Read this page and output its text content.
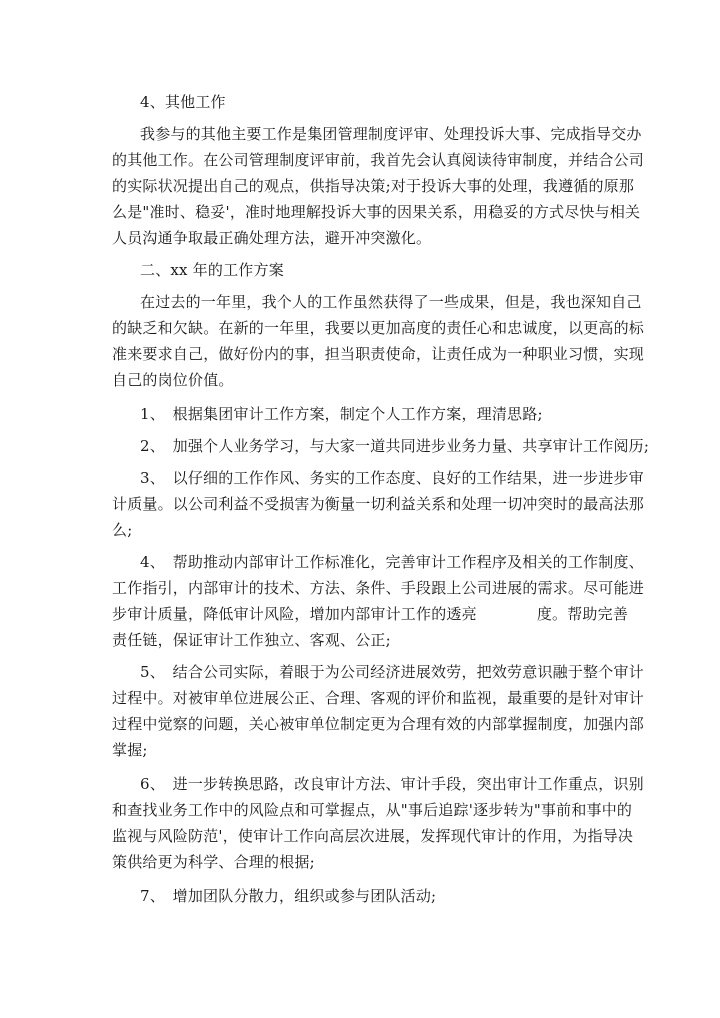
4、其他工作
我参与的其他主要工作是集团管理制度评审、处理投诉大事、完成指导交办
的其他工作。在公司管理制度评审前，我首先会认真阅读待审制度，并结合公司
的实际状况提出自己的观点，供指导决策;对于投诉大事的处理，我遵循的原那
么是"准时、稳妥'，准时地理解投诉大事的因果关系，用稳妥的方式尽快与相关
人员沟通争取最正确处理方法，避开冲突激化。
二、xx 年的工作方案
在过去的一年里，我个人的工作虽然获得了一些成果，但是，我也深知自己
的缺乏和欠缺。在新的一年里，我要以更加高度的责任心和忠诚度，以更高的标
准来要求自己，做好份内的事，担当职责使命，让责任成为一种职业习惯，实现
自己的岗位价值。
1、　根据集团审计工作方案，制定个人工作方案，理清思路;
2、　加强个人业务学习，与大家一道共同进步业务力量、共享审计工作阅历;
3、　以仔细的工作作风、务实的工作态度、良好的工作结果，进一步进步审
计质量。以公司利益不受损害为衡量一切利益关系和处理一切冲突时的最高法那
么;
4、　帮助推动内部审计工作标准化，完善审计工作程序及相关的工作制度、
工作指引，内部审计的技术、方法、条件、手段跟上公司进展的需求。尽可能进
步审计质量，降低审计风险，增加内部审计工作的透亮	度。帮助完善
责任链，保证审计工作独立、客观、公正;
5、　结合公司实际，着眼于为公司经济进展效劳，把效劳意识融于整个审计
过程中。对被审单位进展公正、合理、客观的评价和监视，最重要的是针对审计
过程中觉察的问题，关心被审单位制定更为合理有效的内部掌握制度，加强内部
掌握;
6、　进一步转换思路，改良审计方法、审计手段，突出审计工作重点，识别
和查找业务工作中的风险点和可掌握点，从"事后追踪'逐步转为"事前和事中的
监视与风险防范'，使审计工作向高层次进展，发挥现代审计的作用，为指导决
策供给更为科学、合理的根据;
7、　增加团队分散力，组织或参与团队活动;
